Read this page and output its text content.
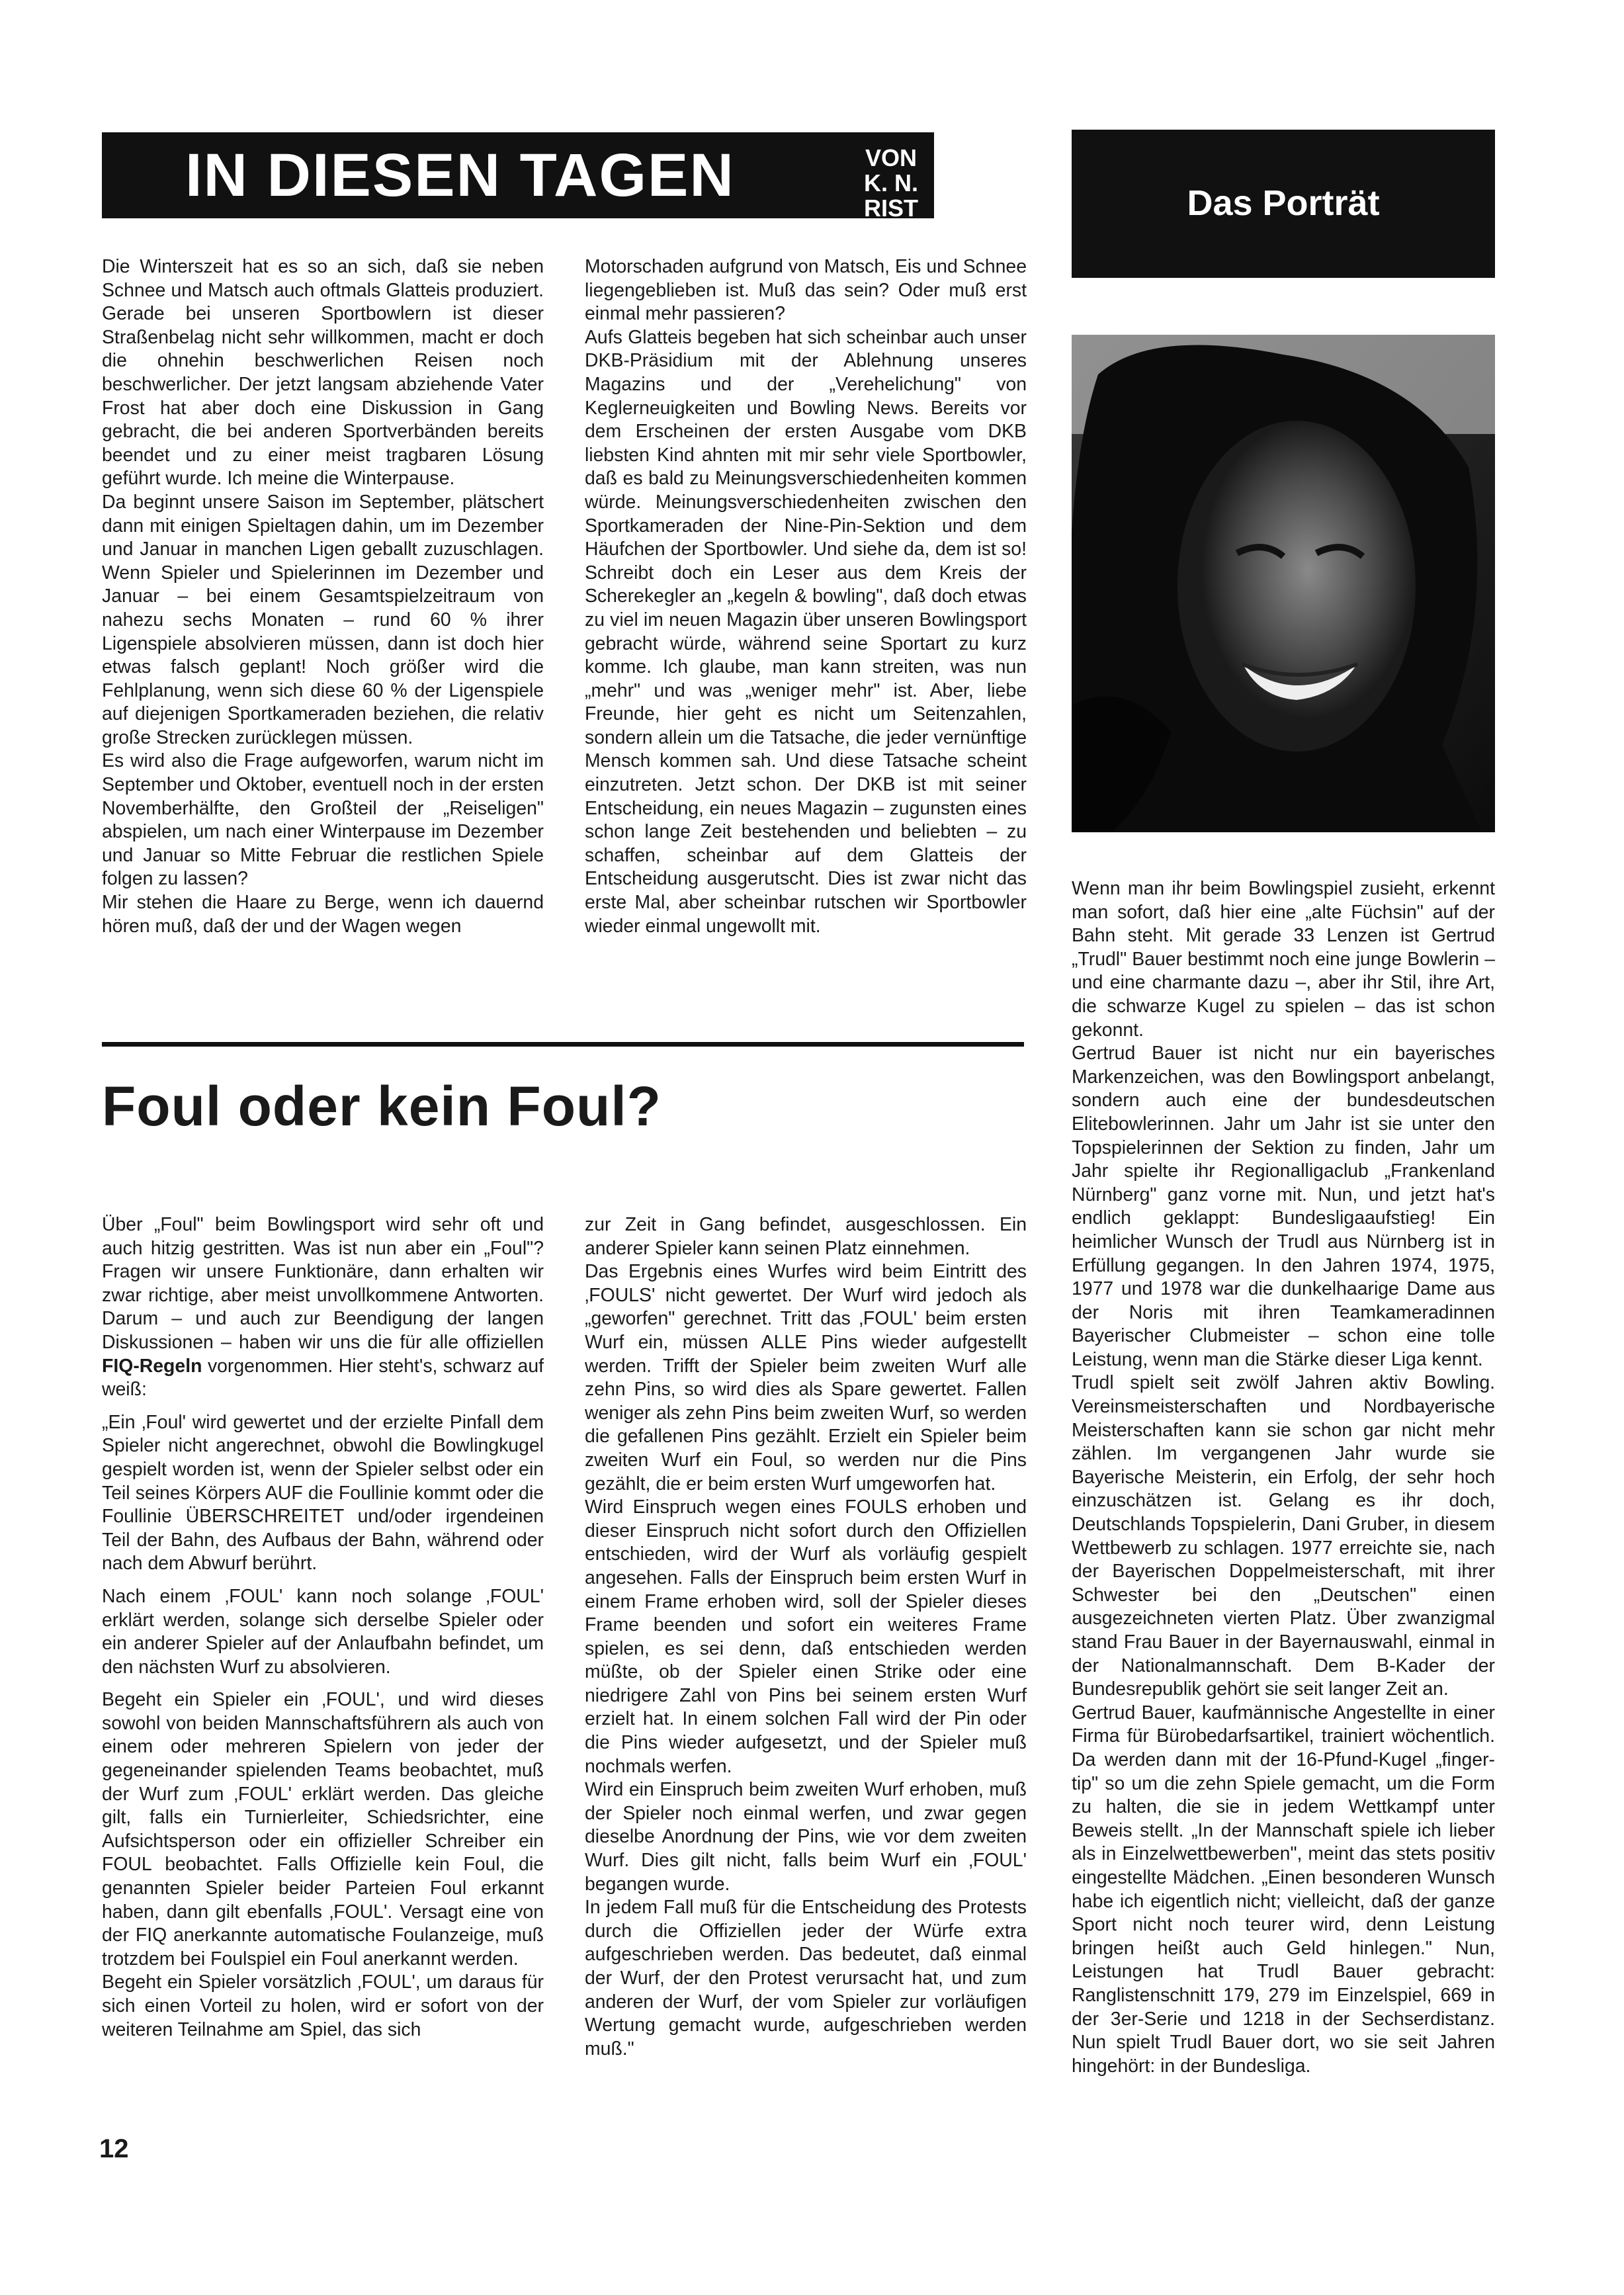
IN DIESEN TAGEN	VON
K. N. RIST	Das Porträt

Die Winterszeit hat es so an sich, daß sie neben Schnee und Matsch auch oftmals Glatteis produziert. Gerade bei unseren Sportbowlern ist dieser Straßenbelag nicht sehr willkommen, macht er doch die ohnehin beschwerlichen Reisen noch beschwerlicher. Der jetzt langsam abziehende Vater Frost hat aber doch eine Diskussion in Gang gebracht, die bei anderen Sportverbänden bereits beendet und zu einer meist tragbaren Lösung geführt wurde. Ich meine die Winterpause.

Da beginnt unsere Saison im September, plätschert dann mit einigen Spieltagen dahin, um im Dezember und Januar in manchen Ligen geballt zuzuschlagen. Wenn Spieler und Spielerinnen im Dezember und Januar – bei einem Gesamtspielzeitraum von nahezu sechs Monaten – rund 60 % ihrer Ligenspiele absolvieren müssen, dann ist doch hier etwas falsch geplant! Noch größer wird die Fehlplanung, wenn sich diese 60 % der Ligenspiele auf diejenigen Sportkameraden beziehen, die relativ große Strecken zurücklegen müssen.

Es wird also die Frage aufgeworfen, warum nicht im September und Oktober, eventuell noch in der ersten Novemberhälfte, den Großteil der „Reiseligen" abspielen, um nach einer Winterpause im Dezember und Januar so Mitte Februar die restlichen Spiele folgen zu lassen?

Mir stehen die Haare zu Berge, wenn ich dauernd hören muß, daß der und der Wagen wegen

Motorschaden aufgrund von Matsch, Eis und Schnee liegengeblieben ist. Muß das sein? Oder muß erst einmal mehr passieren?

Aufs Glatteis begeben hat sich scheinbar auch unser DKB-Präsidium mit der Ablehnung unseres Magazins und der „Verehelichung" von Keglerneuigkeiten und Bowling News. Bereits vor dem Erscheinen der ersten Ausgabe vom DKB liebsten Kind ahnten mit mir sehr viele Sportbowler, daß es bald zu Meinungsverschiedenheiten kommen würde. Meinungsverschiedenheiten zwischen den Sportkameraden der Nine-Pin-Sektion und dem Häufchen der Sportbowler. Und siehe da, dem ist so! Schreibt doch ein Leser aus dem Kreis der Scherekegler an „kegeln & bowling", daß doch etwas zu viel im neuen Magazin über unseren Bowlingsport gebracht würde, während seine Sportart zu kurz komme. Ich glaube, man kann streiten, was nun „mehr" und was „weniger mehr" ist. Aber, liebe Freunde, hier geht es nicht um Seitenzahlen, sondern allein um die Tatsache, die jeder vernünftige Mensch kommen sah. Und diese Tatsache scheint einzutreten. Jetzt schon. Der DKB ist mit seiner Entscheidung, ein neues Magazin – zugunsten eines schon lange Zeit bestehenden und beliebten – zu schaffen, scheinbar auf dem Glatteis der Entscheidung ausgerutscht. Dies ist zwar nicht das erste Mal, aber scheinbar rutschen wir Sportbowler wieder einmal ungewollt mit.

Foul oder kein Foul?

Über „Foul" beim Bowlingsport wird sehr oft und auch hitzig gestritten. Was ist nun aber ein „Foul"? Fragen wir unsere Funktionäre, dann erhalten wir zwar richtige, aber meist unvollkommene Antworten. Darum – und auch zur Beendigung der langen Diskussionen – haben wir uns die für alle offiziellen FIQ-Regeln vorgenommen. Hier steht's, schwarz auf weiß:

„Ein ‚Foul' wird gewertet und der erzielte Pinfall dem Spieler nicht angerechnet, obwohl die Bowlingkugel gespielt worden ist, wenn der Spieler selbst oder ein Teil seines Körpers AUF die Foullinie kommt oder die Foullinie ÜBERSCHREITET und/oder irgendeinen Teil der Bahn, des Aufbaus der Bahn, während oder nach dem Abwurf berührt.

Nach einem ‚FOUL' kann noch solange ‚FOUL' erklärt werden, solange sich derselbe Spieler oder ein anderer Spieler auf der Anlaufbahn befindet, um den nächsten Wurf zu absolvieren.

Begeht ein Spieler ein ‚FOUL', und wird dieses sowohl von beiden Mannschaftsführern als auch von einem oder mehreren Spielern von jeder der gegeneinander spielenden Teams beobachtet, muß der Wurf zum ‚FOUL' erklärt werden. Das gleiche gilt, falls ein Turnierleiter, Schiedsrichter, eine Aufsichtsperson oder ein offizieller Schreiber ein FOUL beobachtet. Falls Offizielle kein Foul, die genannten Spieler beider Parteien Foul erkannt haben, dann gilt ebenfalls ‚FOUL'. Versagt eine von der FIQ anerkannte automatische Foulanzeige, muß trotzdem bei Foulspiel ein Foul anerkannt werden.

Begeht ein Spieler vorsätzlich ‚FOUL', um daraus für sich einen Vorteil zu holen, wird er sofort von der weiteren Teilnahme am Spiel, das sich

zur Zeit in Gang befindet, ausgeschlossen. Ein anderer Spieler kann seinen Platz einnehmen.

Das Ergebnis eines Wurfes wird beim Eintritt des ‚FOULS' nicht gewertet. Der Wurf wird jedoch als „geworfen" gerechnet. Tritt das ‚FOUL' beim ersten Wurf ein, müssen ALLE Pins wieder aufgestellt werden. Trifft der Spieler beim zweiten Wurf alle zehn Pins, so wird dies als Spare gewertet. Fallen weniger als zehn Pins beim zweiten Wurf, so werden die gefallenen Pins gezählt. Erzielt ein Spieler beim zweiten Wurf ein Foul, so werden nur die Pins gezählt, die er beim ersten Wurf umgeworfen hat.

Wird Einspruch wegen eines FOULS erhoben und dieser Einspruch nicht sofort durch den Offiziellen entschieden, wird der Wurf als vorläufig gespielt angesehen. Falls der Einspruch beim ersten Wurf in einem Frame erhoben wird, soll der Spieler dieses Frame beenden und sofort ein weiteres Frame spielen, es sei denn, daß entschieden werden müßte, ob der Spieler einen Strike oder eine niedrigere Zahl von Pins bei seinem ersten Wurf erzielt hat. In einem solchen Fall wird der Pin oder die Pins wieder aufgesetzt, und der Spieler muß nochmals werfen.

Wird ein Einspruch beim zweiten Wurf erhoben, muß der Spieler noch einmal werfen, und zwar gegen dieselbe Anordnung der Pins, wie vor dem zweiten Wurf. Dies gilt nicht, falls beim Wurf ein ‚FOUL' begangen wurde.

In jedem Fall muß für die Entscheidung des Protests durch die Offiziellen jeder der Würfe extra aufgeschrieben werden. Das bedeutet, daß einmal der Wurf, der den Protest verursacht hat, und zum anderen der Wurf, der vom Spieler zur vorläufigen Wertung gemacht wurde, aufgeschrieben werden muß."

Wenn man ihr beim Bowlingspiel zusieht, erkennt man sofort, daß hier eine „alte Füchsin" auf der Bahn steht. Mit gerade 33 Lenzen ist Gertrud „Trudl" Bauer bestimmt noch eine junge Bowlerin – und eine charmante dazu –, aber ihr Stil, ihre Art, die schwarze Kugel zu spielen – das ist schon gekonnt.

Gertrud Bauer ist nicht nur ein bayerisches Markenzeichen, was den Bowlingsport anbelangt, sondern auch eine der bundesdeutschen Elitebowlerinnen. Jahr um Jahr ist sie unter den Topspielerinnen der Sektion zu finden, Jahr um Jahr spielte ihr Regionalligaclub „Frankenland Nürnberg" ganz vorne mit. Nun, und jetzt hat's endlich geklappt: Bundesligaaufstieg! Ein heimlicher Wunsch der Trudl aus Nürnberg ist in Erfüllung gegangen. In den Jahren 1974, 1975, 1977 und 1978 war die dunkelhaarige Dame aus der Noris mit ihren Teamkameradinnen Bayerischer Clubmeister – schon eine tolle Leistung, wenn man die Stärke dieser Liga kennt.

Trudl spielt seit zwölf Jahren aktiv Bowling. Vereinsmeisterschaften und Nordbayerische Meisterschaften kann sie schon gar nicht mehr zählen. Im vergangenen Jahr wurde sie Bayerische Meisterin, ein Erfolg, der sehr hoch einzuschätzen ist. Gelang es ihr doch, Deutschlands Topspielerin, Dani Gruber, in diesem Wettbewerb zu schlagen. 1977 erreichte sie, nach der Bayerischen Doppelmeisterschaft, mit ihrer Schwester bei den „Deutschen" einen ausgezeichneten vierten Platz. Über zwanzigmal stand Frau Bauer in der Bayernauswahl, einmal in der Nationalmannschaft. Dem B-Kader der Bundesrepublik gehört sie seit langer Zeit an.

Gertrud Bauer, kaufmännische Angestellte in einer Firma für Bürobedarfsartikel, trainiert wöchentlich. Da werden dann mit der 16-Pfund-Kugel „finger-tip" so um die zehn Spiele gemacht, um die Form zu halten, die sie in jedem Wettkampf unter Beweis stellt. „In der Mannschaft spiele ich lieber als in Einzelwettbewerben", meint das stets positiv eingestellte Mädchen. „Einen besonderen Wunsch habe ich eigentlich nicht; vielleicht, daß der ganze Sport nicht noch teurer wird, denn Leistung bringen heißt auch Geld hinlegen." Nun, Leistungen hat Trudl Bauer gebracht: Ranglistenschnitt 179, 279 im Einzelspiel, 669 in der 3er-Serie und 1218 in der Sechserdistanz. Nun spielt Trudl Bauer dort, wo sie seit Jahren hingehört: in der Bundesliga.

12
